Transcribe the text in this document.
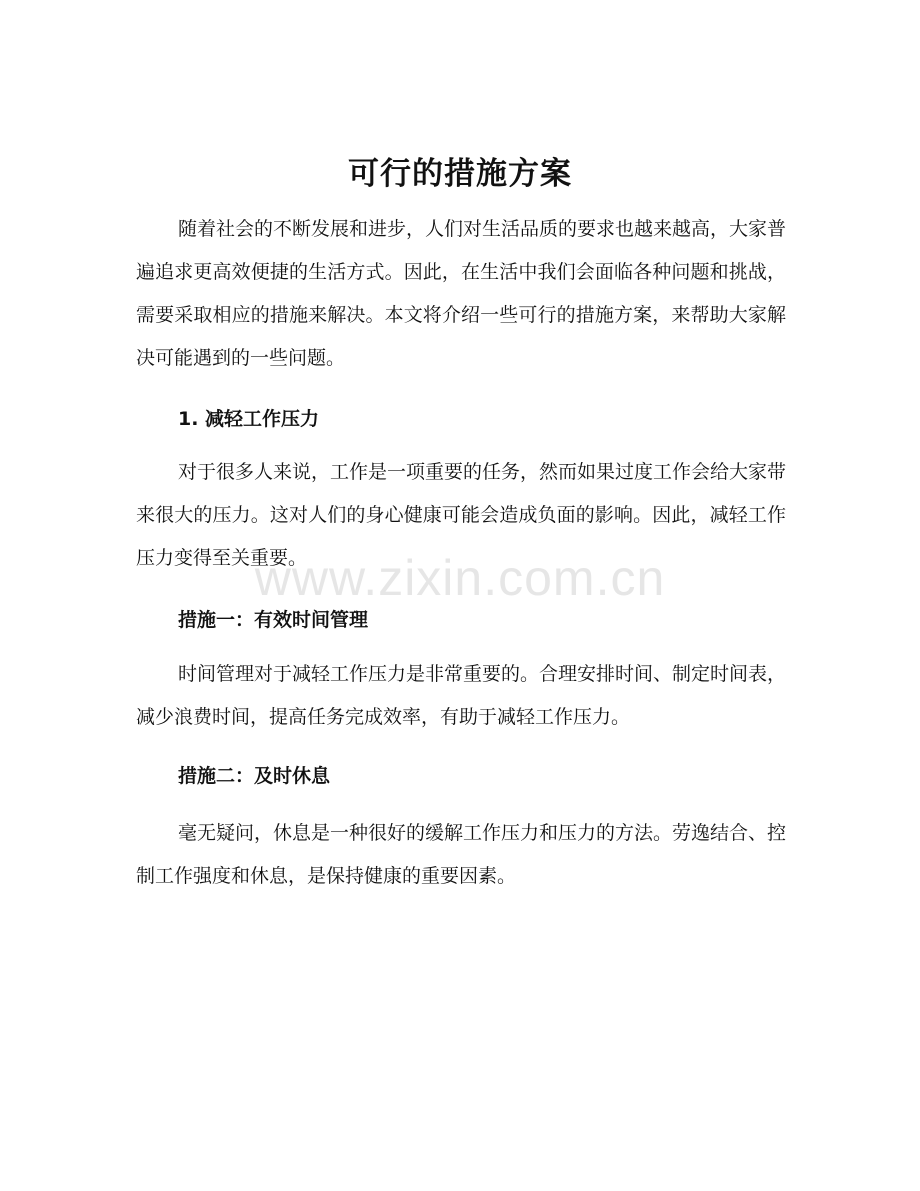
可行的措施方案

随着社会的不断发展和进步，人们对生活品质的要求也越来越高，大家普遍追求更高效便捷的生活方式。因此，在生活中我们会面临各种问题和挑战，需要采取相应的措施来解决。本文将介绍一些可行的措施方案，来帮助大家解决可能遇到的一些问题。

1. 减轻工作压力

对于很多人来说，工作是一项重要的任务，然而如果过度工作会给大家带来很大的压力。这对人们的身心健康可能会造成负面的影响。因此，减轻工作压力变得至关重要。

www.zixin.com.cn

措施一：有效时间管理

时间管理对于减轻工作压力是非常重要的。合理安排时间、制定时间表，减少浪费时间，提高任务完成效率，有助于减轻工作压力。

措施二：及时休息

毫无疑问，休息是一种很好的缓解工作压力和压力的方法。劳逸结合、控制工作强度和休息，是保持健康的重要因素。
